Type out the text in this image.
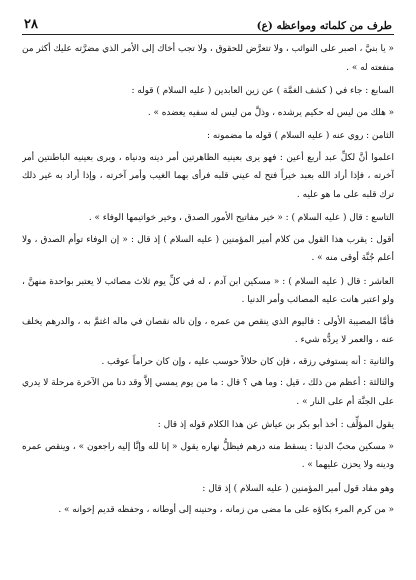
طرف من كلماته ومواعظه (ع)
٢٨

« يا بنيَّ ، اصبر على النوائب ، ولا تتعرَّض للحقوق ، ولا تجب أخاك إلى الأمر الذي مضرَّته عليك أكثر من منفعته له » .

السابع : جاء في ( كشف الغمَّة ) عن زين العابدين ( عليه السلام ) قوله :

« هلك من ليس له حكيم يرشده ، وذلَّ من ليس له سفيه يعضده » .

الثامن : روي عنه ( عليه السلام ) قوله ما مضمونه :

اعلموا أنَّ لكلِّ عبد أربع أعين : فهو يرى بعينيه الظاهرتين أمر دينه ودنياه ، ويرى بعينيه الباطنتين أمر آخرته ، فإذا أراد الله بعبد خيراً فتح له عيني قلبه فرأى بهما الغيب وأمر آخرته ، وإذا أراد به غير ذلك ترك قلبه على ما هو عليه .

التاسع : قال ( عليه السلام ) : « خير مفاتيح الأمور الصدق ، وخير خواتيمها الوفاء » .

أقول : يقرب هذا القول من كلام أمير المؤمنين ( عليه السلام ) إذ قال : « إن الوفاء توأم الصدق ، ولا أعلم جُنَّة أوقى منه » .

العاشر : قال ( عليه السلام ) : « مسكين ابن آدم ، له في كلِّ يوم ثلاث مصائب لا يعتبر بواحدة منهنَّ ، ولو اعتبر هانت عليه المصائب وأمر الدنيا .

فأمَّا المصيبة الأولى : فاليوم الذي ينقص من عمره ، وإن ناله نقصان في ماله اغتمَّ به ، والدرهم يخلف عنه ، والعمر لا يردُّه شيء .

والثانية : أنه يستوفي رزقه ، فإن كان حلالاً حوسب عليه ، وإن كان حراماً عوقب .

والثالثة : أعظم من ذلك ، قيل : وما هي ؟ قال : ما من يوم يمسي إلاَّ وقد دنا من الآخرة مرحلة لا يدري على الجنَّة أم على النار » .

يقول المؤلِّف : أخذ أبو بكر بن عياش عن هذا الكلام قوله إذ قال :

« مسكين محبّ الدنيا : يسقط منه درهم فيظلُّ نهاره يقول « إنا لله وإنَّا إليه راجعون » ، وينقص عمره ودينه ولا يحزن عليهما » .

وهو مفاد قول أمير المؤمنين ( عليه السلام ) إذ قال :

« من كرم المرء بكاؤه على ما مضى من زمانه ، وحنينه إلى أوطانه ، وحفظه قديم إخوانه » .
